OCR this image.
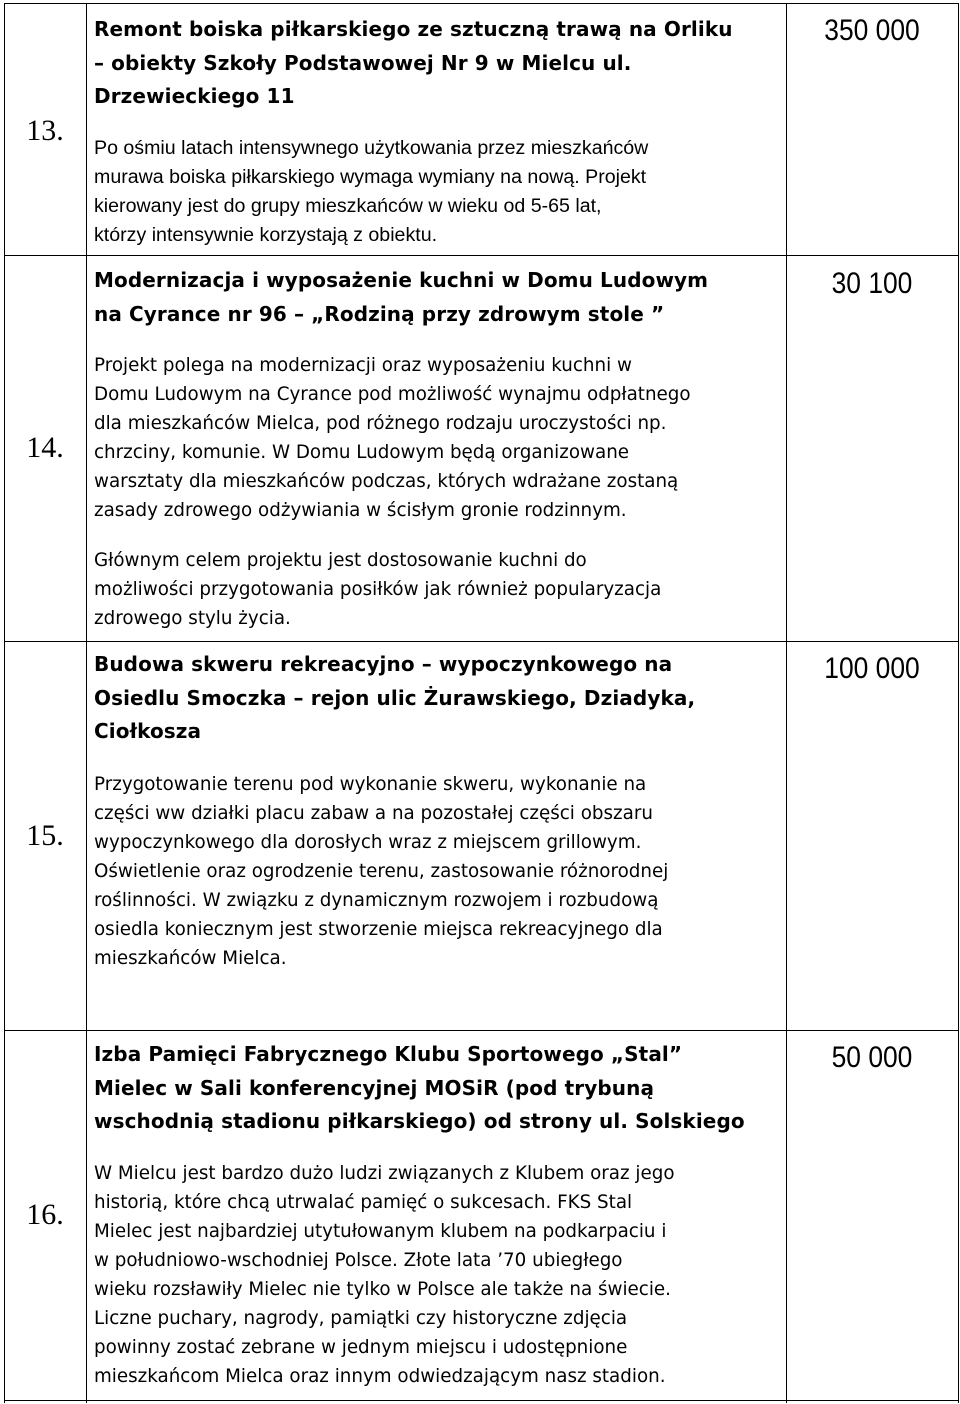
13.
Remont boiska piłkarskiego ze sztuczną trawą na Orliku
– obiekty Szkoły Podstawowej Nr 9 w Mielcu ul.
Drzewieckiego 11
Po ośmiu latach intensywnego użytkowania przez mieszkańców
murawa boiska piłkarskiego wymaga wymiany na nową. Projekt
kierowany jest do grupy mieszkańców w wieku od 5-65 lat,
którzy intensywnie korzystają z obiektu.
350 000
14.
Modernizacja i wyposażenie kuchni w Domu Ludowym
na Cyrance nr 96 – „Rodziną przy zdrowym stole ”
Projekt polega na modernizacji oraz wyposażeniu kuchni w
Domu Ludowym na Cyrance pod możliwość wynajmu odpłatnego
dla mieszkańców Mielca, pod różnego rodzaju uroczystości np.
chrzciny, komunie. W Domu Ludowym będą organizowane
warsztaty dla mieszkańców podczas, których wdrażane zostaną
zasady zdrowego odżywiania w ścisłym gronie rodzinnym.
Głównym celem projektu jest dostosowanie kuchni do
możliwości przygotowania posiłków jak również popularyzacja
zdrowego stylu życia.
30 100
15.
Budowa skweru rekreacyjno – wypoczynkowego na
Osiedlu Smoczka – rejon ulic Żurawskiego, Dziadyka,
Ciołkosza
Przygotowanie terenu pod wykonanie skweru, wykonanie na
części ww działki placu zabaw a na pozostałej części obszaru
wypoczynkowego dla dorosłych wraz z miejscem grillowym.
Oświetlenie oraz ogrodzenie terenu, zastosowanie różnorodnej
roślinności. W związku z dynamicznym rozwojem i rozbudową
osiedla koniecznym jest stworzenie miejsca rekreacyjnego dla
mieszkańców Mielca.
100 000
16.
Izba Pamięci Fabrycznego Klubu Sportowego „Stal”
Mielec w Sali konferencyjnej MOSiR (pod trybuną
wschodnią stadionu piłkarskiego) od strony ul. Solskiego
W Mielcu jest bardzo dużo ludzi związanych z Klubem oraz jego
historią, które chcą utrwalać pamięć o sukcesach. FKS Stal
Mielec jest najbardziej utytułowanym klubem na podkarpaciu i
w południowo-wschodniej Polsce. Złote lata ’70 ubiegłego
wieku rozsławiły Mielec nie tylko w Polsce ale także na świecie.
Liczne puchary, nagrody, pamiątki czy historyczne zdjęcia
powinny zostać zebrane w jednym miejscu i udostępnione
mieszkańcom Mielca oraz innym odwiedzającym nasz stadion.
50 000
